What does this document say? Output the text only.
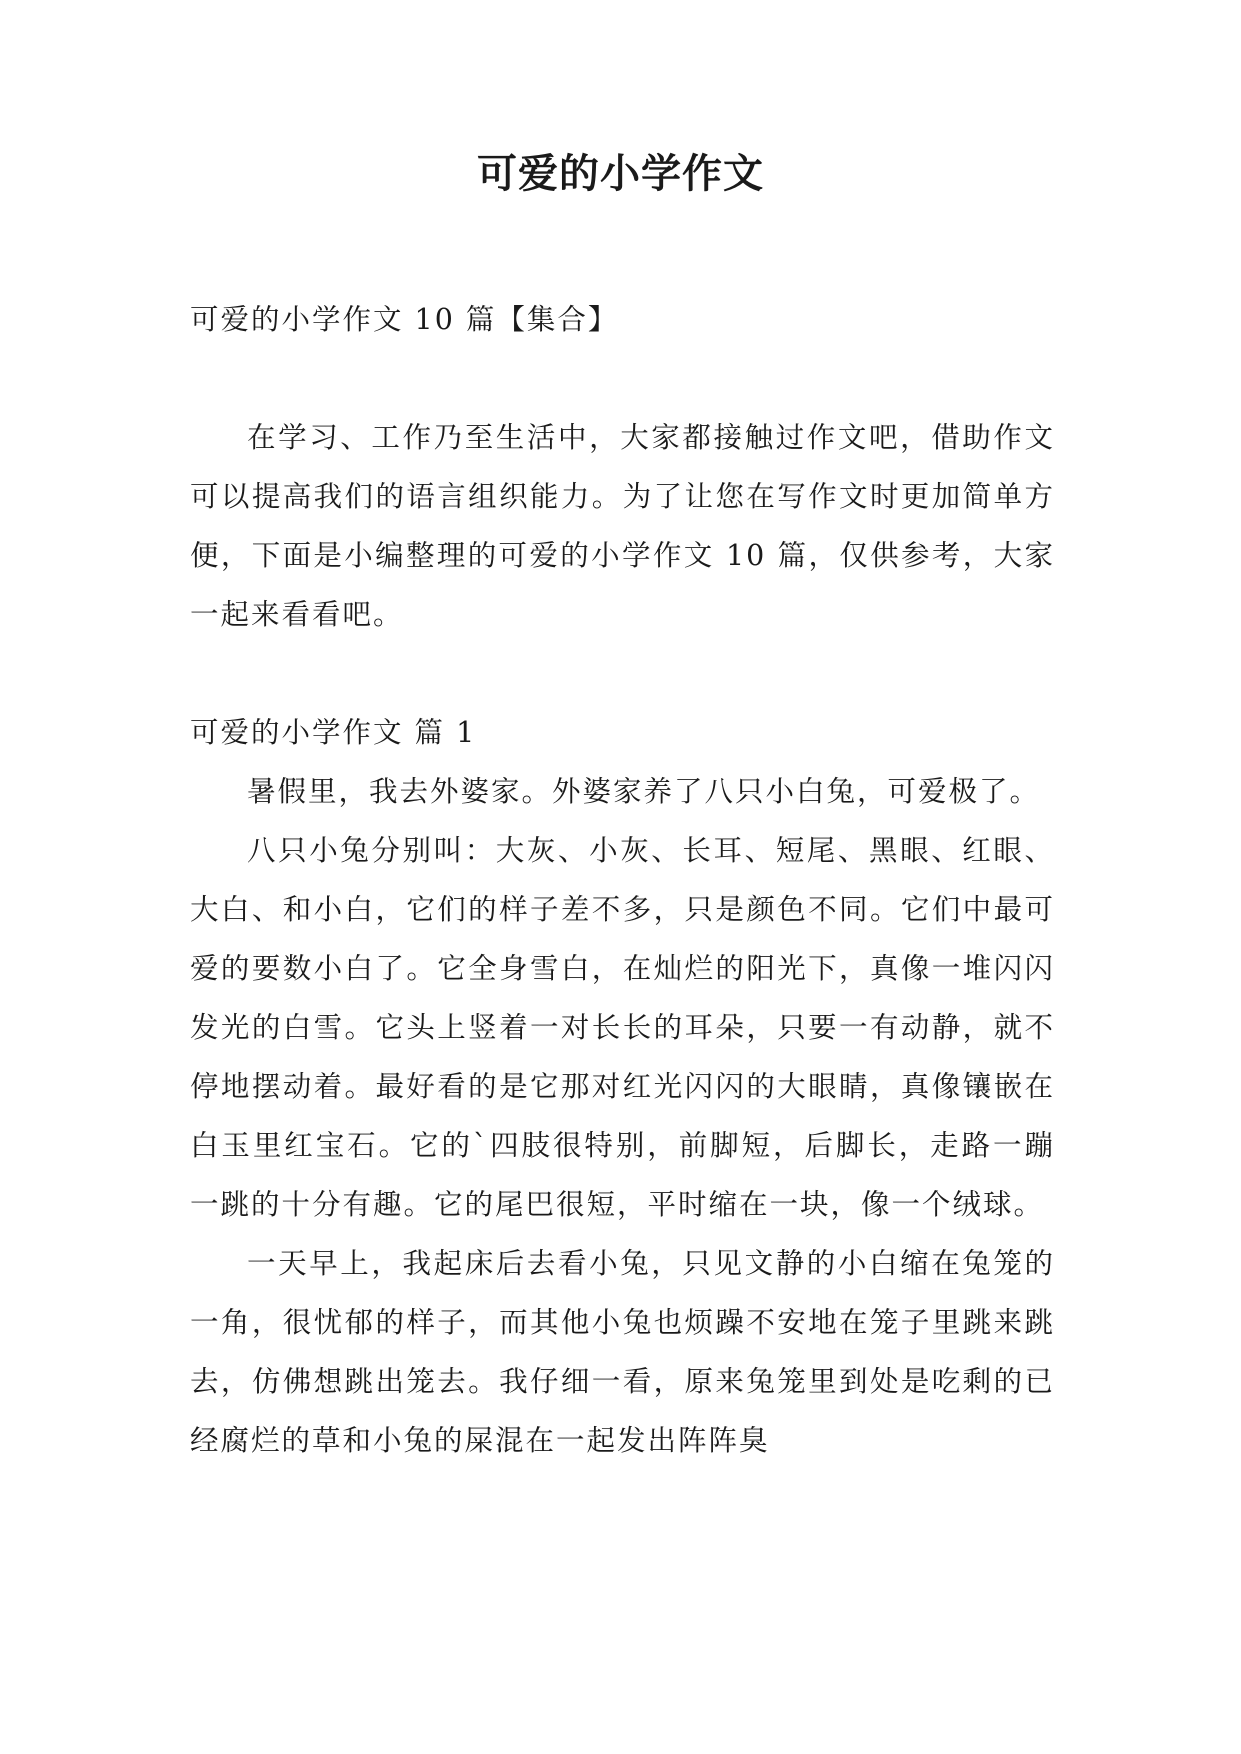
可爱的小学作文

可爱的小学作文 10 篇【集合】

在学习、工作乃至生活中，大家都接触过作文吧，借助作文可以提高我们的语言组织能力。为了让您在写作文时更加简单方便，下面是小编整理的可爱的小学作文 10 篇，仅供参考，大家一起来看看吧。

可爱的小学作文 篇 1

暑假里，我去外婆家。外婆家养了八只小白兔，可爱极了。

八只小兔分别叫：大灰、小灰、长耳、短尾、黑眼、红眼、大白、和小白，它们的样子差不多，只是颜色不同。它们中最可爱的要数小白了。它全身雪白，在灿烂的阳光下，真像一堆闪闪发光的白雪。它头上竖着一对长长的耳朵，只要一有动静，就不停地摆动着。最好看的是它那对红光闪闪的大眼睛，真像镶嵌在白玉里红宝石。它的`四肢很特别，前脚短，后脚长，走路一蹦一跳的十分有趣。它的尾巴很短，平时缩在一块，像一个绒球。

一天早上，我起床后去看小兔，只见文静的小白缩在兔笼的一角，很忧郁的样子，而其他小兔也烦躁不安地在笼子里跳来跳去，仿佛想跳出笼去。我仔细一看，原来兔笼里到处是吃剩的已经腐烂的草和小兔的屎混在一起发出阵阵臭
